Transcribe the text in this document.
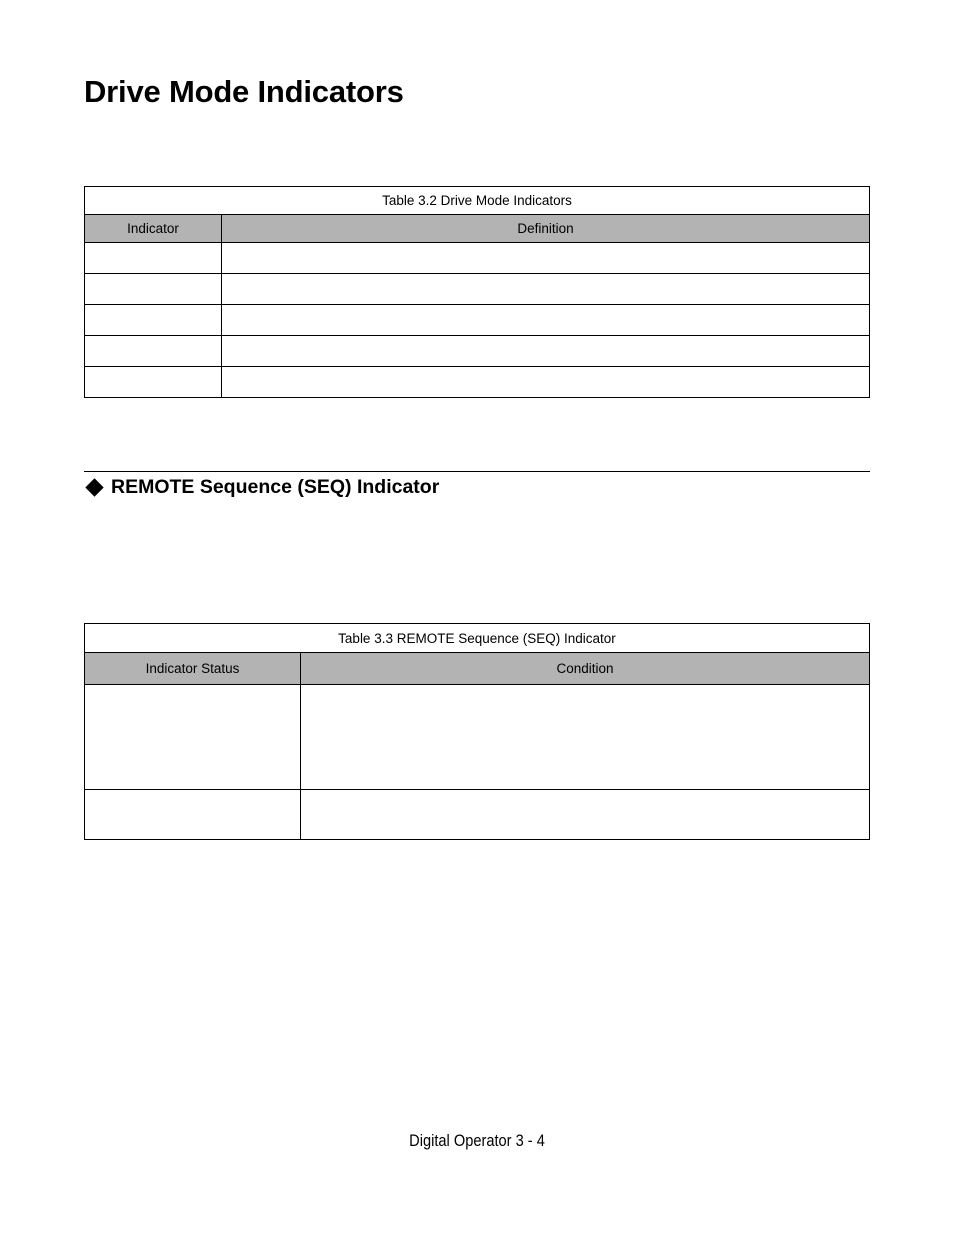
Drive Mode Indicators
Table 3.2 Drive Mode Indicators	
Indicator	Definition

REMOTE Sequence (SEQ) Indicator
Table 3.3 REMOTE Sequence (SEQ) Indicator	
Indicator Status	Condition

Digital Operator 3 - 4
